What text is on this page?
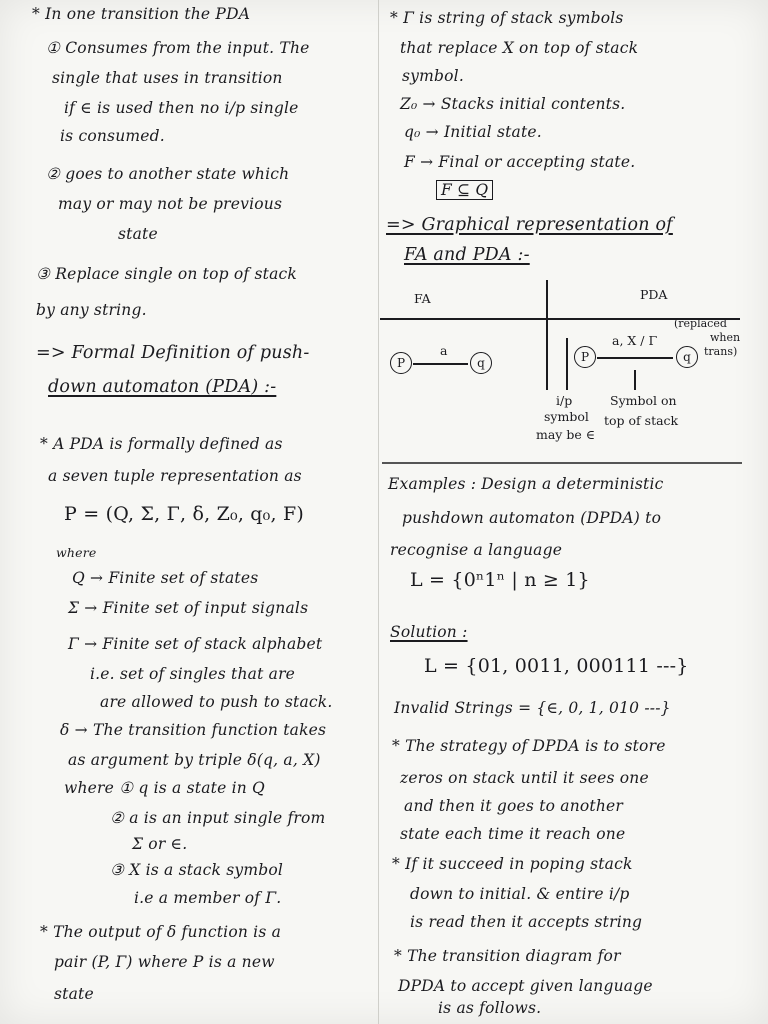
* In one transition the PDA
① Consumes from the input. The
single that uses in transition
if ∈ is used then no i/p single
is consumed.
② goes to another state which
may or may not be previous
state
③ Replace single on top of stack
by any string.
=> Formal Definition of push-
down automaton (PDA) :-
* A PDA is formally defined as
a seven tuple representation as
P = (Q, Σ, Γ, δ, Z₀, q₀, F)
where
Q → Finite set of states
Σ → Finite set of input signals
Γ → Finite set of stack alphabet
i.e. set of singles that are
are allowed to push to stack.
δ → The transition function takes
as argument by triple δ(q, a, X)
where ① q is a state in Q
② a is an input single from
Σ or ∈.
③ X is a stack symbol
i.e a member of Γ.
* The output of δ function is a
pair (P, Γ) where P is a new
state
* Γ is string of stack symbols
that replace X on top of stack
symbol.
Z₀ → Stacks initial contents.
q₀ → Initial state.
F → Final or accepting state.
F ⊆ Q
=> Graphical representation of
FA and PDA :-
FA	PDA
P
a
q	P
a, X / Γ
q
(replaced
when
trans)
i/p
symbol
may be ∈
Symbol on
top of stack
Examples : Design a deterministic
pushdown automaton (DPDA) to
recognise a language
L = {0ⁿ1ⁿ | n ≥ 1}
Solution :
L = {01, 0011, 000111 ---}
Invalid Strings = {∈, 0, 1, 010 ---}
* The strategy of DPDA is to store
zeros on stack until it sees one
and then it goes to another
state each time it reach one
* If it succeed in poping stack
down to initial. & entire i/p
is read then it accepts string
* The transition diagram for
DPDA to accept given language
is as follows.
